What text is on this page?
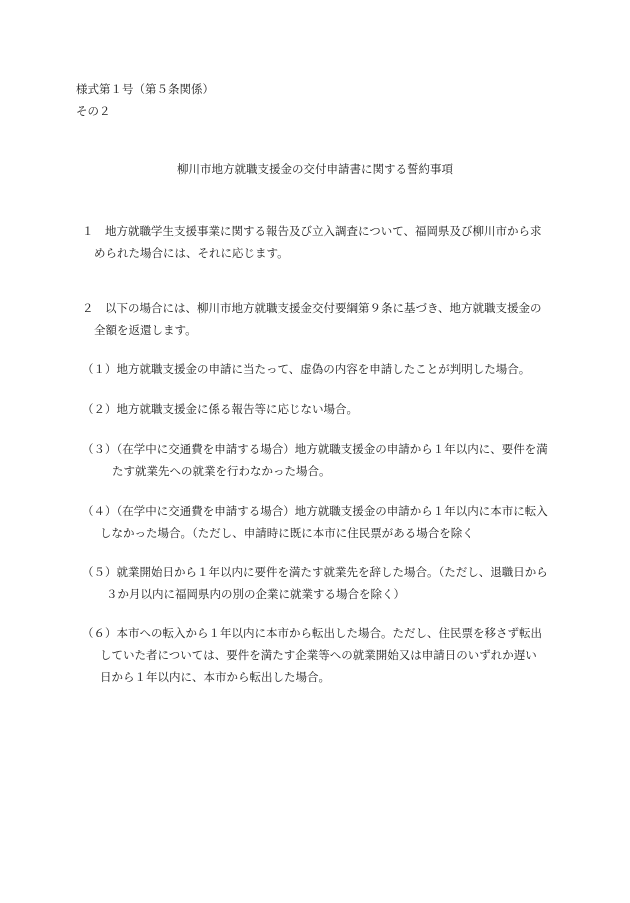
様式第１号（第５条関係）
その２
柳川市地方就職支援金の交付申請書に関する誓約事項
１　地方就職学生支援事業に関する報告及び立入調査について、福岡県及び柳川市から求
められた場合には、それに応じます。
２　以下の場合には、柳川市地方就職支援金交付要綱第９条に基づき、地方就職支援金の
全額を返還します。
（１）地方就職支援金の申請に当たって、虚偽の内容を申請したことが判明した場合。
（２）地方就職支援金に係る報告等に応じない場合。
（３）（在学中に交通費を申請する場合）地方就職支援金の申請から１年以内に、要件を満
たす就業先への就業を行わなかった場合。
（４）（在学中に交通費を申請する場合）地方就職支援金の申請から１年以内に本市に転入
しなかった場合。（ただし、申請時に既に本市に住民票がある場合を除く
（５）就業開始日から１年以内に要件を満たす就業先を辞した場合。（ただし、退職日から
３か月以内に福岡県内の別の企業に就業する場合を除く）
（６）本市への転入から１年以内に本市から転出した場合。ただし、住民票を移さず転出
していた者については、要件を満たす企業等への就業開始又は申請日のいずれか遅い
日から１年以内に、本市から転出した場合。
